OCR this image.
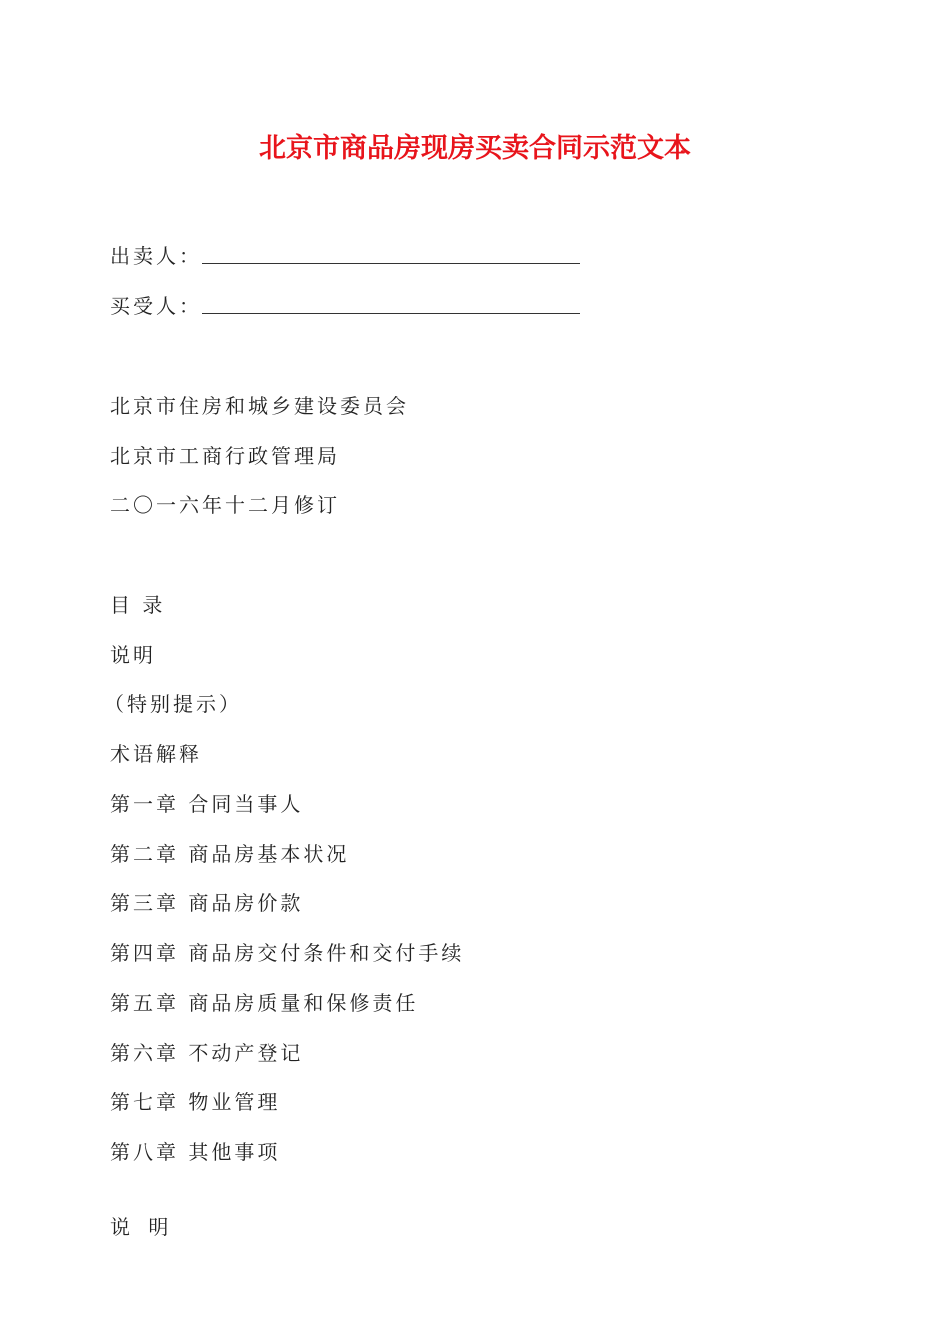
北京市商品房现房买卖合同示范文本
出卖人：
买受人：
北京市住房和城乡建设委员会
北京市工商行政管理局
二〇一六年十二月修订
目 录
说明
（特别提示）
术语解释
第一章 合同当事人
第二章 商品房基本状况
第三章 商品房价款
第四章 商品房交付条件和交付手续
第五章 商品房质量和保修责任
第六章 不动产登记
第七章 物业管理
第八章 其他事项
说 明
